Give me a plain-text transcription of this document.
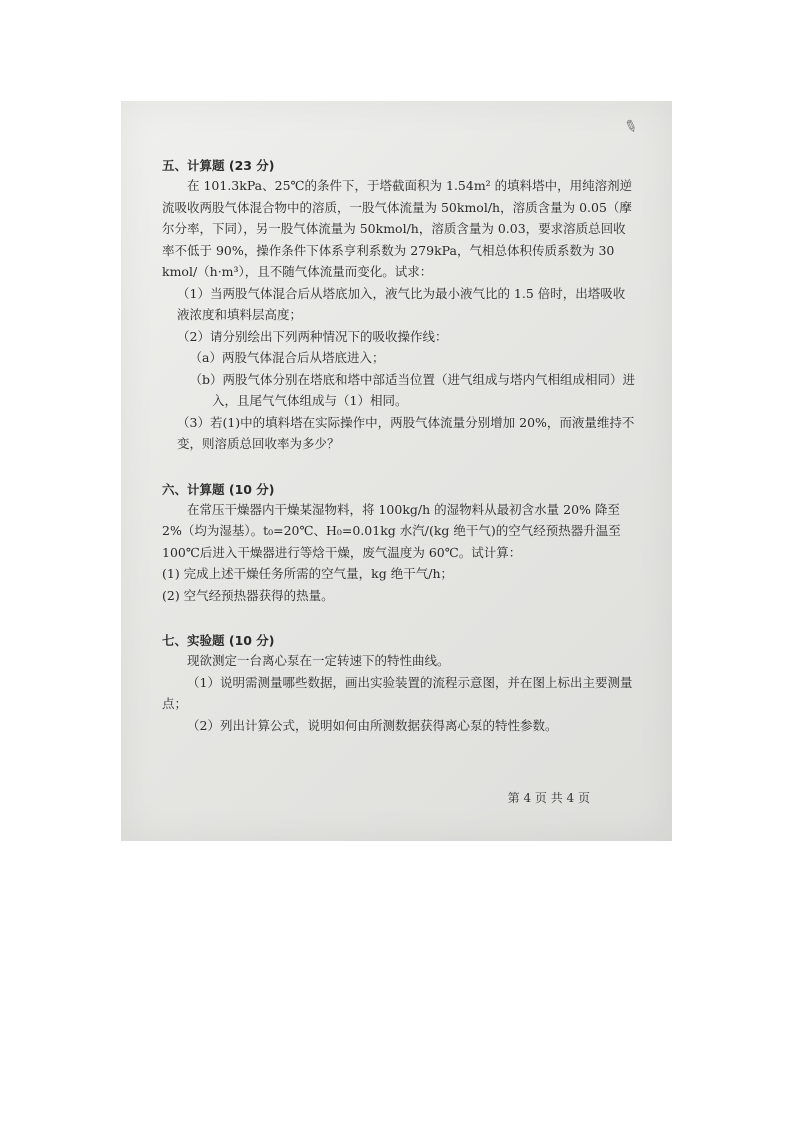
✎

五、计算题 (23 分)

在 101.3kPa、25℃的条件下，于塔截面积为 1.54m² 的填料塔中，用纯溶剂逆流吸收两股气体混合物中的溶质，一股气体流量为 50kmol/h，溶质含量为 0.05（摩尔分率，下同），另一股气体流量为 50kmol/h，溶质含量为 0.03，要求溶质总回收率不低于 90%，操作条件下体系亨利系数为 279kPa，气相总体积传质系数为 30 kmol/（h·m³），且不随气体流量而变化。试求：

（1）当两股气体混合后从塔底加入，液气比为最小液气比的 1.5 倍时，出塔吸收液浓度和填料层高度；

（2）请分别绘出下列两种情况下的吸收操作线：

（a）两股气体混合后从塔底进入；

（b）两股气体分别在塔底和塔中部适当位置（进气组成与塔内气相组成相同）进入，且尾气气体组成与（1）相同。

（3）若(1)中的填料塔在实际操作中，两股气体流量分别增加 20%，而液量维持不变，则溶质总回收率为多少？

六、计算题 (10 分)

在常压干燥器内干燥某湿物料，将 100kg/h 的湿物料从最初含水量 20% 降至 2%（均为湿基）。t₀=20℃、H₀=0.01kg 水汽/(kg 绝干气)的空气经预热器升温至 100℃后进入干燥器进行等焓干燥，废气温度为 60℃。试计算：

(1) 完成上述干燥任务所需的空气量，kg 绝干气/h；

(2) 空气经预热器获得的热量。

七、实验题 (10 分)

现欲测定一台离心泵在一定转速下的特性曲线。

（1）说明需测量哪些数据，画出实验装置的流程示意图，并在图上标出主要测量点；

（2）列出计算公式，说明如何由所测数据获得离心泵的特性参数。

第 4 页 共 4 页
